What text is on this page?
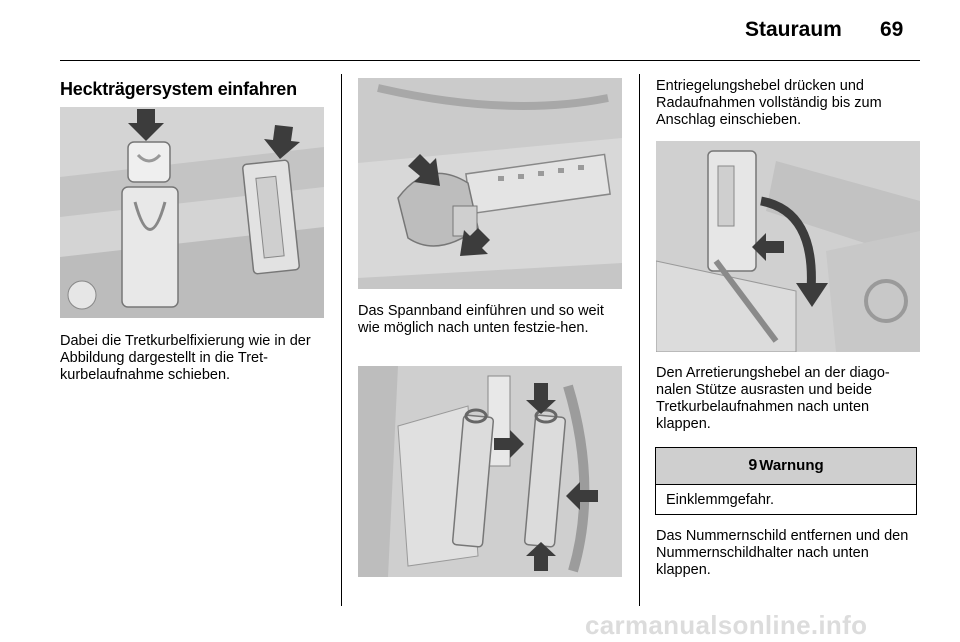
Stauraum 69
Heckträgersystem einfahren
Dabei die Tretkurbelfixierung wie in der Abbildung dargestellt in die Tret-kurbelaufnahme schieben.
Das Spannband einführen und so weit wie möglich nach unten festzie-hen.
Entriegelungshebel drücken und Radaufnahmen vollständig bis zum Anschlag einschieben.
Den Arretierungshebel an der diago-nalen Stütze ausrasten und beide Tretkurbelaufnahmen nach unten klappen.
9 Warnung
Einklemmgefahr.
Das Nummernschild entfernen und den Nummernschildhalter nach unten klappen.
carmanualsonline.info
